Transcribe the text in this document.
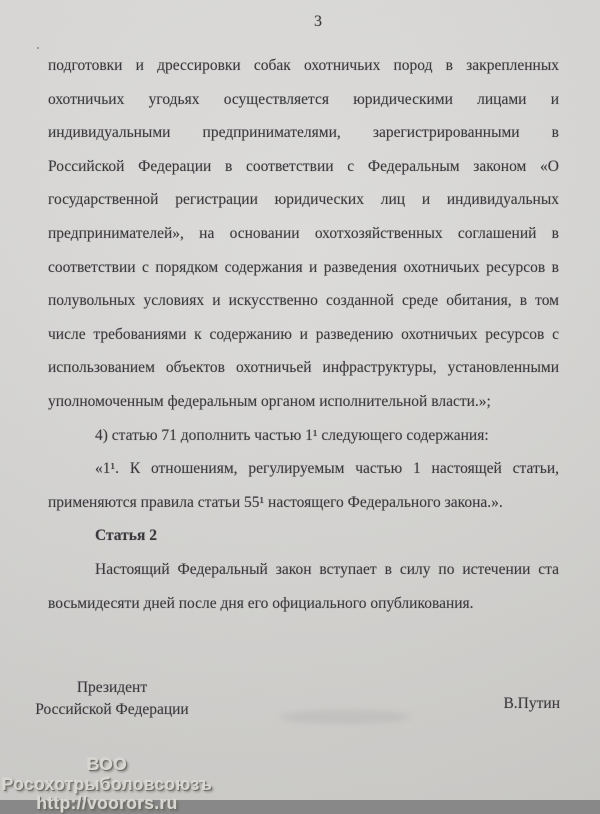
3
подготовки и дрессировки собак охотничьих пород в закрепленных
охотничьих угодьях осуществляется юридическими лицами и
индивидуальными предпринимателями, зарегистрированными в
Российской Федерации в соответствии с Федеральным законом «О
государственной регистрации юридических лиц и индивидуальных
предпринимателей», на основании охотхозяйственных соглашений в
соответствии с порядком содержания и разведения охотничьих ресурсов в
полувольных условиях и искусственно созданной среде обитания, в том
числе требованиями к содержанию и разведению охотничьих ресурсов с
использованием объектов охотничьей инфраструктуры, установленными
уполномоченным федеральным органом исполнительной власти.»;
4) статью 71 дополнить частью 1¹ следующего содержания:
«1¹. К отношениям, регулируемым частью 1 настоящей статьи,
применяются правила статьи 55¹ настоящего Федерального закона.».
Статья 2
Настоящий Федеральный закон вступает в силу по истечении ста
восьмидесяти дней после дня его официального опубликования.
Президент
Российской Федерации	В.Путин
ВОО Росохотрыболовсоюзъ
http://voorors.ru
